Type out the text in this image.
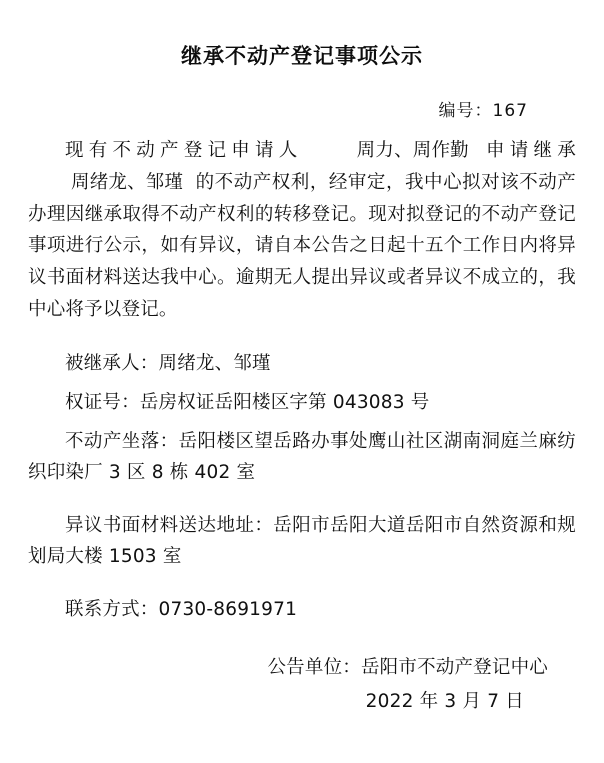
继承不动产登记事项公示
编号：167

现有不动产登记申请人	周力、周作勤 申请继承 周绪龙、邹瑾 的不动产权利，经审定，我中心拟对该不动产办理因继承取得不动产权利的转移登记。现对拟登记的不动产登记事项进行公示，如有异议，请自本公告之日起十五个工作日内将异议书面材料送达我中心。逾期无人提出异议或者异议不成立的，我中心将予以登记。

被继承人：周绪龙、邹瑾
权证号：岳房权证岳阳楼区字第 043083 号
不动产坐落：岳阳楼区望岳路办事处鹰山社区湖南洞庭兰麻纺织印染厂 3 区 8 栋 402 室
异议书面材料送达地址：岳阳市岳阳大道岳阳市自然资源和规划局大楼 1503 室
联系方式：0730-8691971
公告单位：岳阳市不动产登记中心
2022 年 3 月 7 日
